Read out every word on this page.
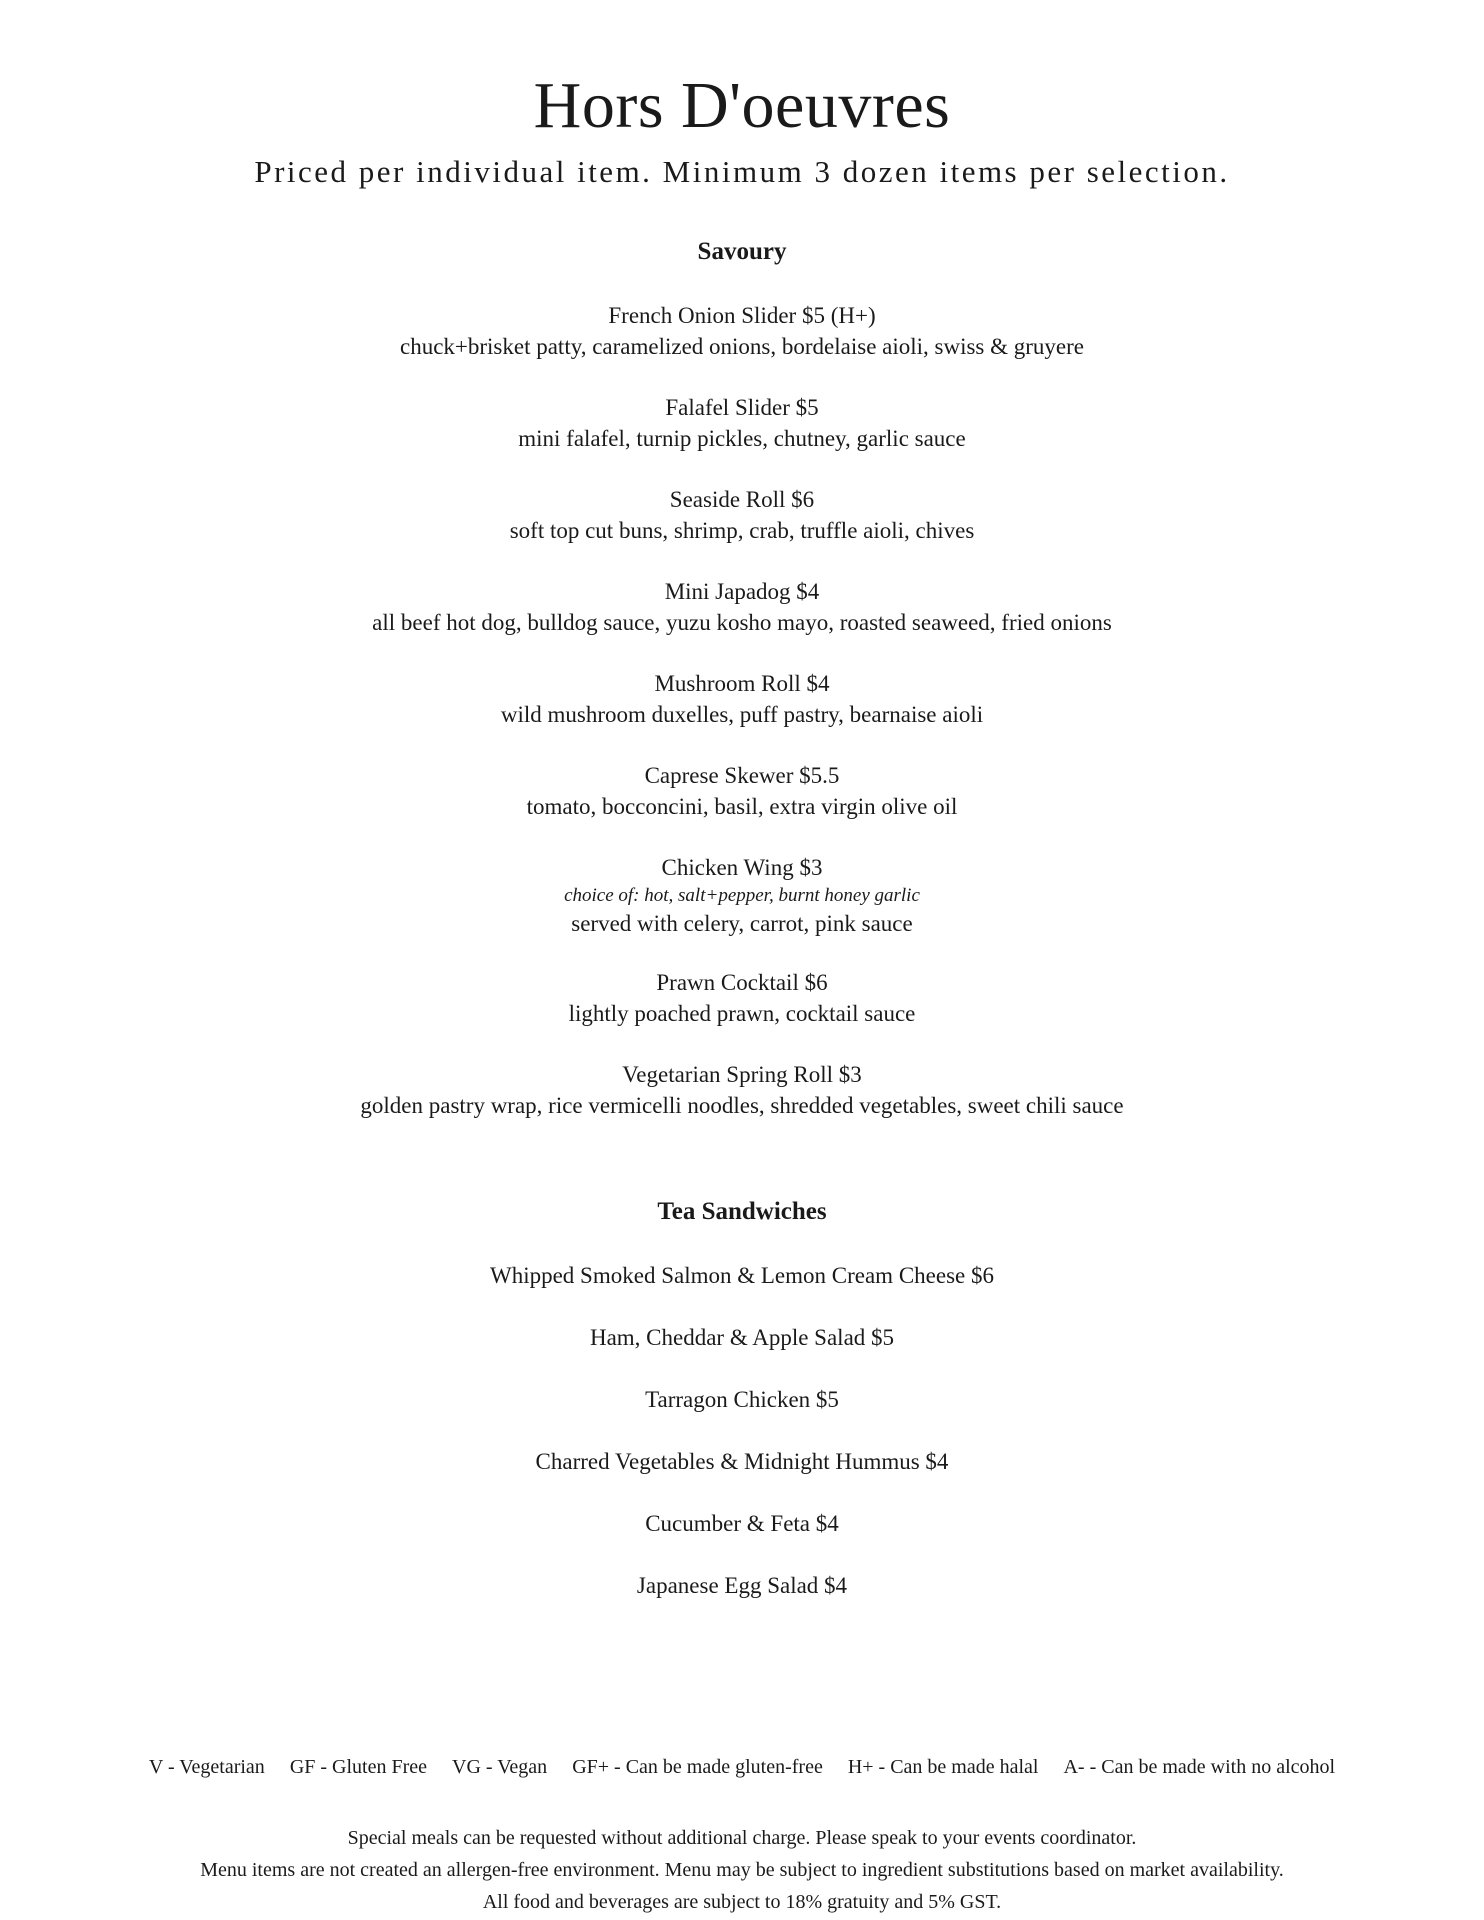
Hors D'oeuvres
Priced per individual item. Minimum 3 dozen items per selection.
Savoury
French Onion Slider $5 (H+)
chuck+brisket patty, caramelized onions, bordelaise aioli, swiss & gruyere
Falafel Slider $5
mini falafel, turnip pickles, chutney, garlic sauce
Seaside Roll $6
soft top cut buns, shrimp, crab, truffle aioli, chives
Mini Japadog $4
all beef hot dog, bulldog sauce, yuzu kosho mayo, roasted seaweed, fried onions
Mushroom Roll $4
wild mushroom duxelles, puff pastry, bearnaise aioli
Caprese Skewer $5.5
tomato, bocconcini, basil, extra virgin olive oil
Chicken Wing $3
choice of: hot, salt+pepper, burnt honey garlic
served with celery, carrot, pink sauce
Prawn Cocktail $6
lightly poached prawn, cocktail sauce
Vegetarian Spring Roll $3
golden pastry wrap, rice vermicelli noodles, shredded vegetables, sweet chili sauce
Tea Sandwiches
Whipped Smoked Salmon & Lemon Cream Cheese $6
Ham, Cheddar & Apple Salad $5
Tarragon Chicken $5
Charred Vegetables & Midnight Hummus $4
Cucumber & Feta $4
Japanese Egg Salad $4
V - Vegetarian GF - Gluten Free VG - Vegan GF+ - Can be made gluten-free H+ - Can be made halal A- - Can be made with no alcohol
Special meals can be requested without additional charge. Please speak to your events coordinator.
Menu items are not created an allergen-free environment. Menu may be subject to ingredient substitutions based on market availability.
All food and beverages are subject to 18% gratuity and 5% GST.
